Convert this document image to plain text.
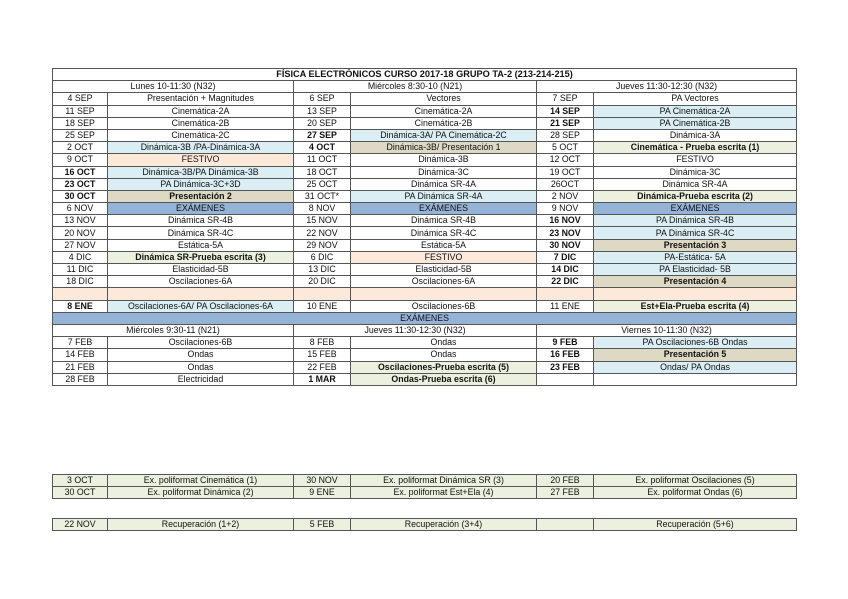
FÍSICA ELECTRÓNICOS CURSO 2017-18 GRUPO TA-2 (213-214-215)					
Lunes 10-11:30 (N32)		Miércoles 8:30-10 (N21)		Jueves 11:30-12:30 (N32)	
4 SEP	Presentación + Magnitudes	6 SEP	Vectores	7 SEP	PA Vectores
11 SEP	Cinemática-2A	13 SEP	Cinemática-2A	14 SEP	PA Cinemática-2A
18 SEP	Cinemática-2B	20 SEP	Cinemática-2B	21 SEP	PA Cinemática-2B
25 SEP	Cinemática-2C	27 SEP	Dinámica-3A/ PA Cinemática-2C	28 SEP	Dinámica-3A
2 OCT	Dinámica-3B /PA-Dinámica-3A	4 OCT	Dinámica-3B/ Presentación 1	5 OCT	Cinemática - Prueba escrita (1)
9 OCT	FESTIVO	11 OCT	Dinámica-3B	12 OCT	FESTIVO
16 OCT	Dinámica-3B/PA Dinámica-3B	18 OCT	Dinámica-3C	19 OCT	Dinámica-3C
23 OCT	PA Dinámica-3C+3D	25 OCT	Dinámica SR-4A	26OCT	Dinámica SR-4A
30 OCT	Presentación 2	31 OCT*	PA Dinámica SR-4A	2 NOV	Dinámica-Prueba escrita (2)
6 NOV	EXÁMENES	8 NOV	EXÁMENES	9 NOV	EXÁMENES
13 NOV	Dinámica SR-4B	15 NOV	Dinámica SR-4B	16 NOV	PA Dinámica SR-4B
20 NOV	Dinámica SR-4C	22 NOV	Dinámica SR-4C	23 NOV	PA Dinámica SR-4C
27 NOV	Estática-5A	29 NOV	Estática-5A	30 NOV	Presentación 3
4 DIC	Dinámica SR-Prueba escrita (3)	6 DIC	FESTIVO	7 DIC	PA-Estática- 5A
11 DIC	Elasticidad-5B	13 DIC	Elasticidad-5B	14 DIC	PA Elasticidad- 5B
18 DIC	Oscilaciones-6A	20 DIC	Oscilaciones-6A	22 DIC	Presentación 4

8 ENE	Oscilaciones-6A/ PA Oscilaciones-6A	10 ENE	Oscilaciones-6B	11 ENE	Est+Ela-Prueba escrita (4)
EXÁMENES					
Miércoles 9:30-11 (N21)		Jueves 11:30-12:30 (N32)		Viernes 10-11:30 (N32)	
7 FEB	Oscilaciones-6B	8 FEB	Ondas	9 FEB	PA Oscilaciones-6B Ondas
14 FEB	Ondas	15 FEB	Ondas	16 FEB	Presentación 5
21 FEB	Ondas	22 FEB	Oscilaciones-Prueba escrita (5)	23 FEB	Ondas/ PA Ondas
28 FEB	Electricidad	1 MAR	Ondas-Prueba escrita (6)		
3 OCT	Ex. poliformat Cinemática (1)	30 NOV	Ex. poliformat Dinámica SR (3)	20 FEB	Ex. poliformat Oscilaciones (5)
30 OCT	Ex. poliformat Dinámica (2)	9 ENE	Ex. poliformat Est+Ela (4)	27 FEB	Ex. poliformat Ondas (6)
22 NOV	Recuperación (1+2)	5 FEB	Recuperación (3+4)		Recuperación (5+6)
